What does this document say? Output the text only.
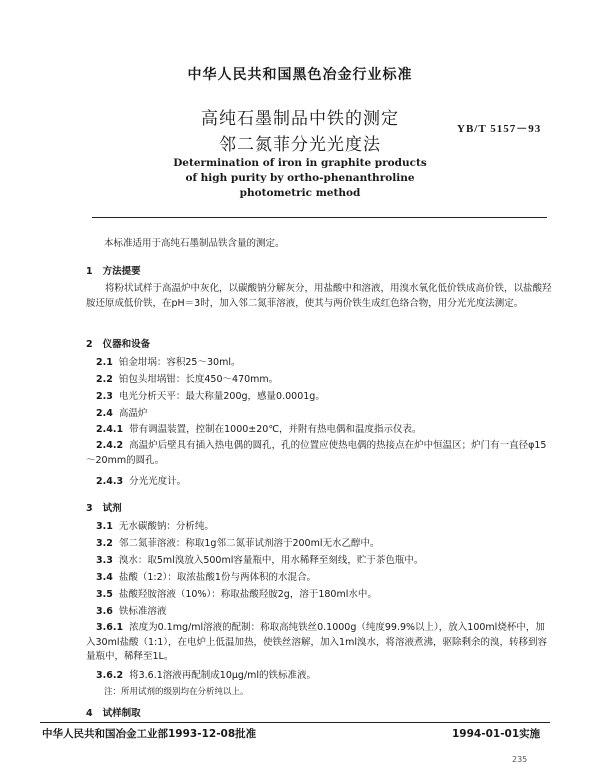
中华人民共和国黑色冶金行业标准
高纯石墨制品中铁的测定
邻二氮菲分光光度法
YB/T 5157－93
Determination of iron in graphite products
of high purity by ortho-phenanthroline
photometric method
本标准适用于高纯石墨制品铁含量的测定。
1 方法提要
将粉状试样于高温炉中灰化，以碳酸钠分解灰分，用盐酸中和溶液，用溴水氧化低价铁成高价铁，以盐酸羟胺还原成低价铁，在pH＝3时，加入邻二氮菲溶液，使其与两价铁生成红色络合物，用分光光度法测定。
2 仪器和设备
2.1 铂金坩埚：容积25～30ml。
2.2 铂包头坩埚钳：长度450～470mm。
2.3 电光分析天平：最大称量200g，感量0.0001g。
2.4 高温炉
2.4.1 带有调温装置，控制在1000±20℃，并附有热电偶和温度指示仪表。
2.4.2 高温炉后壁具有插入热电偶的圆孔，孔的位置应使热电偶的热接点在炉中恒温区；炉门有一直径φ15～20mm的圆孔。
2.4.3 分光光度计。
3 试剂
3.1 无水碳酸钠：分析纯。
3.2 邻二氮菲溶液：称取1g邻二氮菲试剂溶于200ml无水乙醇中。
3.3 溴水：取5ml溴放入500ml容量瓶中，用水稀释至刻线，贮于茶色瓶中。
3.4 盐酸（1:2）：取浓盐酸1份与两体积的水混合。
3.5 盐酸羟胺溶液（10%）：称取盐酸羟胺2g，溶于180ml水中。
3.6 铁标准溶液
3.6.1 浓度为0.1mg/ml溶液的配制：称取高纯铁丝0.1000g（纯度99.9%以上），放入100ml烧杯中，加入30ml盐酸（1:1），在电炉上低温加热，使铁丝溶解，加入1ml溴水，将溶液煮沸，驱除剩余的溴，转移到容量瓶中，稀释至1L。
3.6.2 将3.6.1溶液再配制成10μg/ml的铁标准液。
注：所用试剂的级别均在分析纯以上。
4 试样制取
中华人民共和国冶金工业部1993-12-08批准	1994-01-01实施
235
